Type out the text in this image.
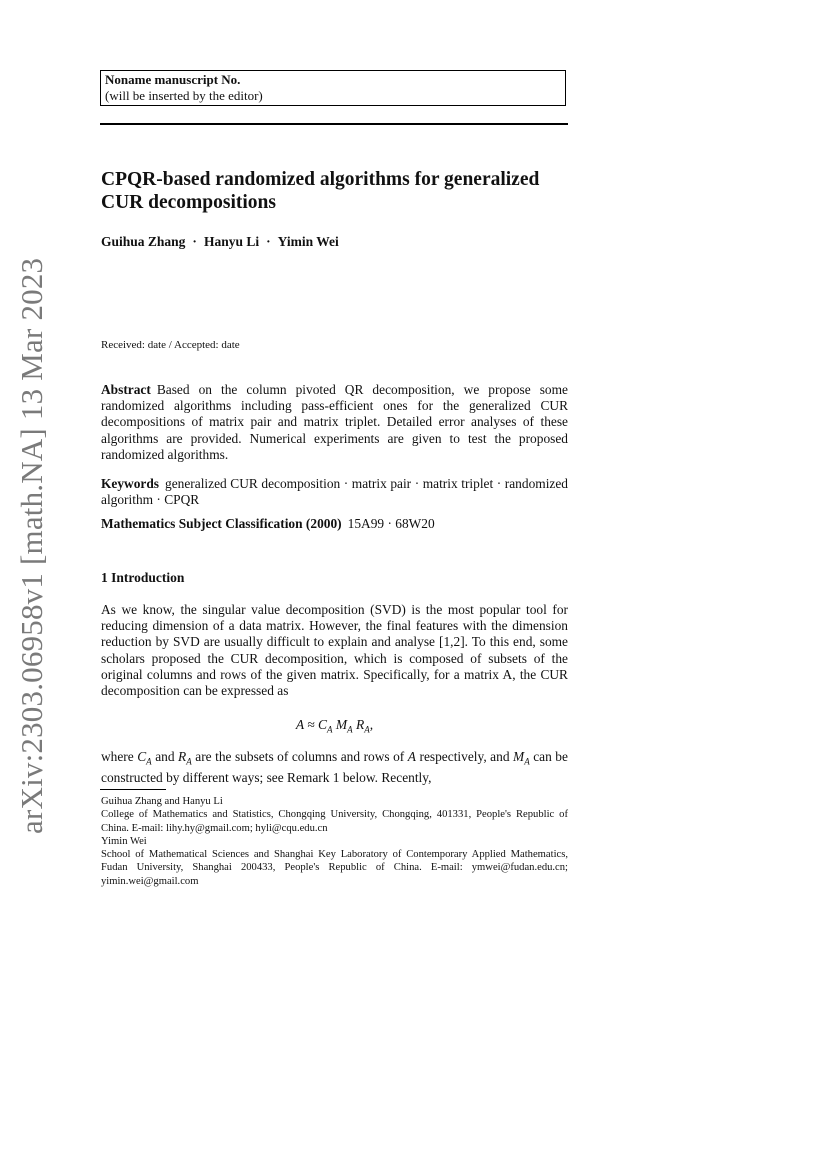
arXiv:2303.06958v1 [math.NA] 13 Mar 2023
Noname manuscript No.
(will be inserted by the editor)
CPQR-based randomized algorithms for generalized
CUR decompositions
Guihua Zhang · Hanyu Li · Yimin Wei
Received: date / Accepted: date

Abstract Based on the column pivoted QR decomposition, we propose some randomized algorithms including pass-efficient ones for the generalized CUR decompositions of matrix pair and matrix triplet. Detailed error analyses of these algorithms are provided. Numerical experiments are given to test the proposed randomized algorithms.

Keywords generalized CUR decomposition · matrix pair · matrix triplet · randomized algorithm · CPQR

Mathematics Subject Classification (2000) 15A99 · 68W20

1 Introduction

As we know, the singular value decomposition (SVD) is the most popular tool for reducing dimension of a data matrix. However, the final features with the dimension reduction by SVD are usually difficult to explain and analyse [1,2]. To this end, some scholars proposed the CUR decomposition, which is composed of subsets of the original columns and rows of the given matrix. Specifically, for a matrix A, the CUR decomposition can be expressed as

$A \approx C_A$ $M_A$ $R_A$,

where $C_A$ and $R_A$ are the subsets of columns and rows of A respectively, and $M_A$ can be constructed by different ways; see Remark 1 below. Recently,

Guihua Zhang and Hanyu Li
College of Mathematics and Statistics, Chongqing University, Chongqing, 401331, People's Republic of China. E-mail: lihy.hy@gmail.com; hyli@cqu.edu.cn
Yimin Wei
School of Mathematical Sciences and Shanghai Key Laboratory of Contemporary Applied Mathematics, Fudan University, Shanghai 200433, People's Republic of China. E-mail: ymwei@fudan.edu.cn; yimin.wei@gmail.com
